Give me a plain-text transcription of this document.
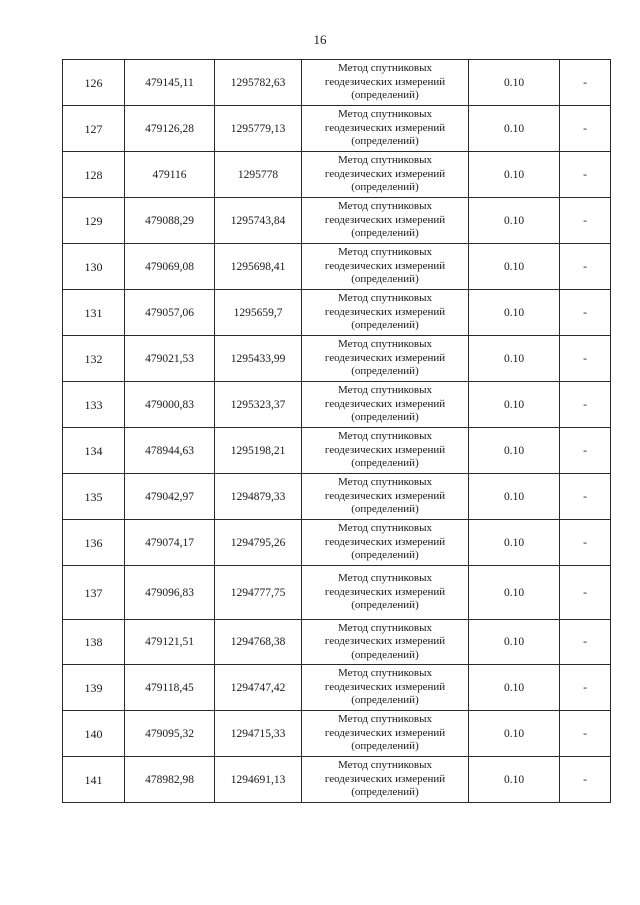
16
126	479145,11	1295782,63	Метод спутниковых
геодезических измерений
(определений)	0.10	-
127	479126,28	1295779,13	Метод спутниковых
геодезических измерений
(определений)	0.10	-
128	479116	1295778	Метод спутниковых
геодезических измерений
(определений)	0.10	-
129	479088,29	1295743,84	Метод спутниковых
геодезических измерений
(определений)	0.10	-
130	479069,08	1295698,41	Метод спутниковых
геодезических измерений
(определений)	0.10	-
131	479057,06	1295659,7	Метод спутниковых
геодезических измерений
(определений)	0.10	-
132	479021,53	1295433,99	Метод спутниковых
геодезических измерений
(определений)	0.10	-
133	479000,83	1295323,37	Метод спутниковых
геодезических измерений
(определений)	0.10	-
134	478944,63	1295198,21	Метод спутниковых
геодезических измерений
(определений)	0.10	-
135	479042,97	1294879,33	Метод спутниковых
геодезических измерений
(определений)	0.10	-
136	479074,17	1294795,26	Метод спутниковых
геодезических измерений
(определений)	0.10	-
137	479096,83	1294777,75	Метод спутниковых
геодезических измерений
(определений)	0.10	-
138	479121,51	1294768,38	Метод спутниковых
геодезических измерений
(определений)	0.10	-
139	479118,45	1294747,42	Метод спутниковых
геодезических измерений
(определений)	0.10	-
140	479095,32	1294715,33	Метод спутниковых
геодезических измерений
(определений)	0.10	-
141	478982,98	1294691,13	Метод спутниковых
геодезических измерений
(определений)	0.10	-
